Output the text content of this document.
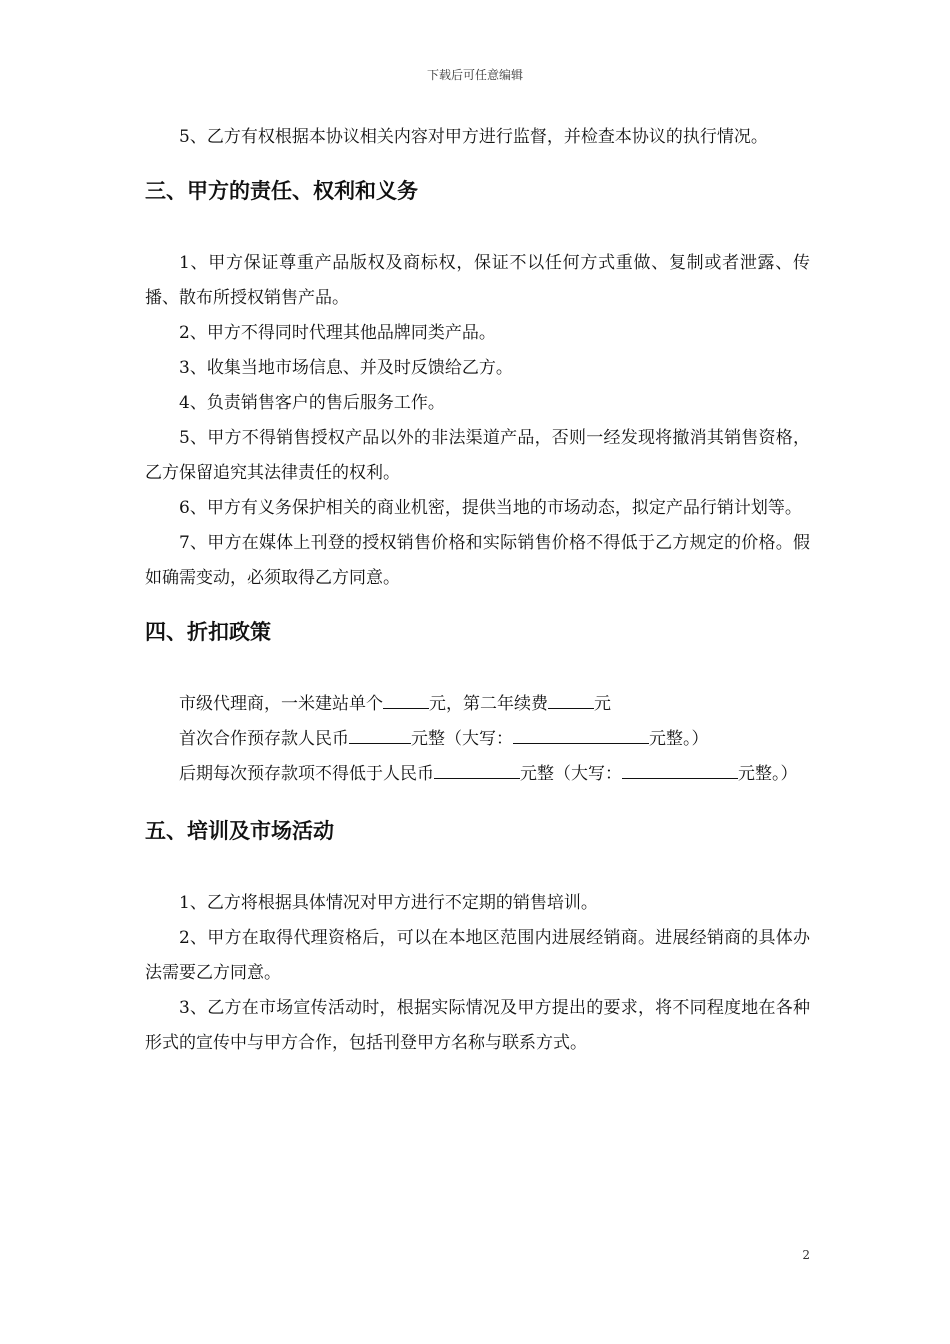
下载后可任意编辑

5、乙方有权根据本协议相关内容对甲方进行监督，并检查本协议的执行情况。

三、甲方的责任、权利和义务

1、甲方保证尊重产品版权及商标权，保证不以任何方式重做、复制或者泄露、传播、散布所授权销售产品。

2、甲方不得同时代理其他品牌同类产品。

3、收集当地市场信息、并及时反馈给乙方。

4、负责销售客户的售后服务工作。

5、甲方不得销售授权产品以外的非法渠道产品，否则一经发现将撤消其销售资格，乙方保留追究其法律责任的权利。

6、甲方有义务保护相关的商业机密，提供当地的市场动态，拟定产品行销计划等。

7、甲方在媒体上刊登的授权销售价格和实际销售价格不得低于乙方规定的价格。假如确需变动，必须取得乙方同意。

四、折扣政策

市级代理商，一米建站单个	元，第二年续费	元

首次合作预存款人民币	元整（大写：	元整。）

后期每次预存款项不得低于人民币	元整（大写：	元整。）

五、培训及市场活动

1、乙方将根据具体情况对甲方进行不定期的销售培训。

2、甲方在取得代理资格后，可以在本地区范围内进展经销商。进展经销商的具体办法需要乙方同意。

3、乙方在市场宣传活动时，根据实际情况及甲方提出的要求，将不同程度地在各种形式的宣传中与甲方合作，包括刊登甲方名称与联系方式。

2
